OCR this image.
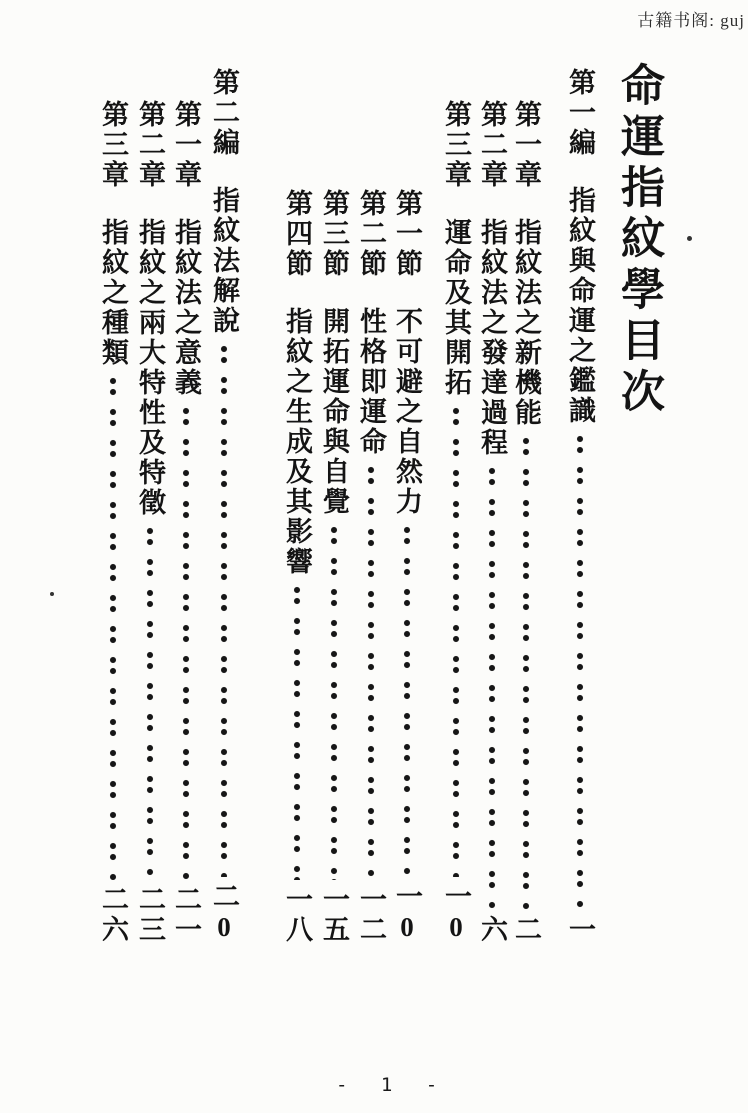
古籍书阁: guj
命運指紋學目次
第一編
指紋與命運之鑑識
一
第一章
指紋法之新機能
二
第二章
指紋法之發達過程
六
第三章
運命及其開拓
一0
第一節
不可避之自然力
一0
第二節
性格即運命
一二
第三節
開拓運命與自覺
一五
第四節
指紋之生成及其影響
一八
第二編
指紋法解說
二0
第一章
指紋法之意義
二一
第二章
指紋之兩大特性及特徵
二三
第三章
指紋之種類
二六
- 1 -
